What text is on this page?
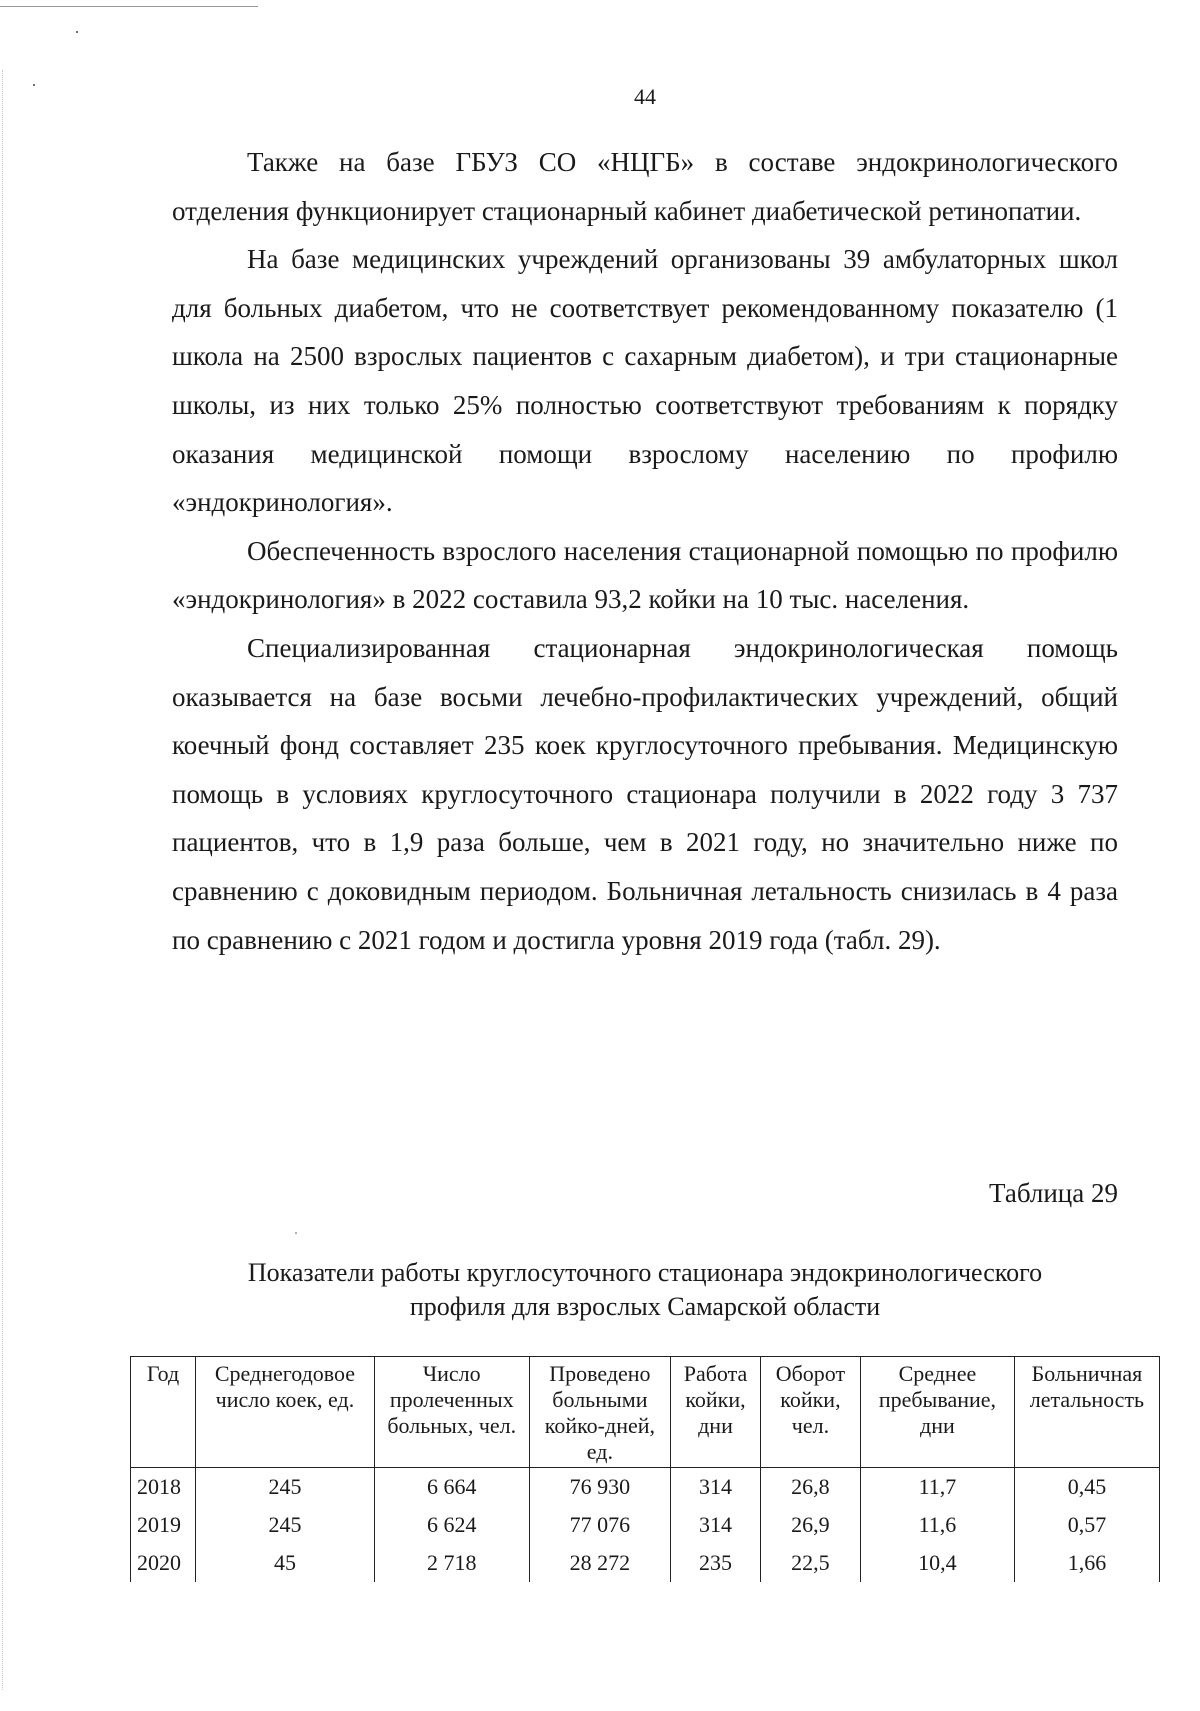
44

Также на базе ГБУЗ СО «НЦГБ» в составе эндокринологического отделения функционирует стационарный кабинет диабетической ретинопатии.

На базе медицинских учреждений организованы 39 амбулаторных школ для больных диабетом, что не соответствует рекомендованному показателю (1 школа на 2500 взрослых пациентов с сахарным диабетом), и три стационарные школы, из них только 25% полностью соответствуют требованиям к порядку оказания медицинской помощи взрослому населению по профилю «эндокринология».

Обеспеченность взрослого населения стационарной помощью по профилю «эндокринология» в 2022 составила 93,2 койки на 10 тыс. населения.

Специализированная стационарная эндокринологическая помощь оказывается на базе восьми лечебно-профилактических учреждений, общий коечный фонд составляет 235 коек круглосуточного пребывания. Медицинскую помощь в условиях круглосуточного стационара получили в 2022 году 3 737 пациентов, что в 1,9 раза больше, чем в 2021 году, но значительно ниже по сравнению с доковидным периодом. Больничная летальность снизилась в 4 раза по сравнению с 2021 годом и достигла уровня 2019 года (табл. 29).

Таблица 29

Показатели работы круглосуточного стационара эндокринологического
профиля для взрослых Самарской области

Год	Среднегодовое число коек, ед.	Число пролеченных больных, чел.	Проведено больными койко-дней, ед.	Работа койки, дни	Оборот койки, чел.	Среднее пребывание, дни	Больничная летальность
2018	245	6 664	76 930	314	26,8	11,7	0,45
2019	245	6 624	77 076	314	26,9	11,6	0,57
2020	45	2 718	28 272	235	22,5	10,4	1,66
